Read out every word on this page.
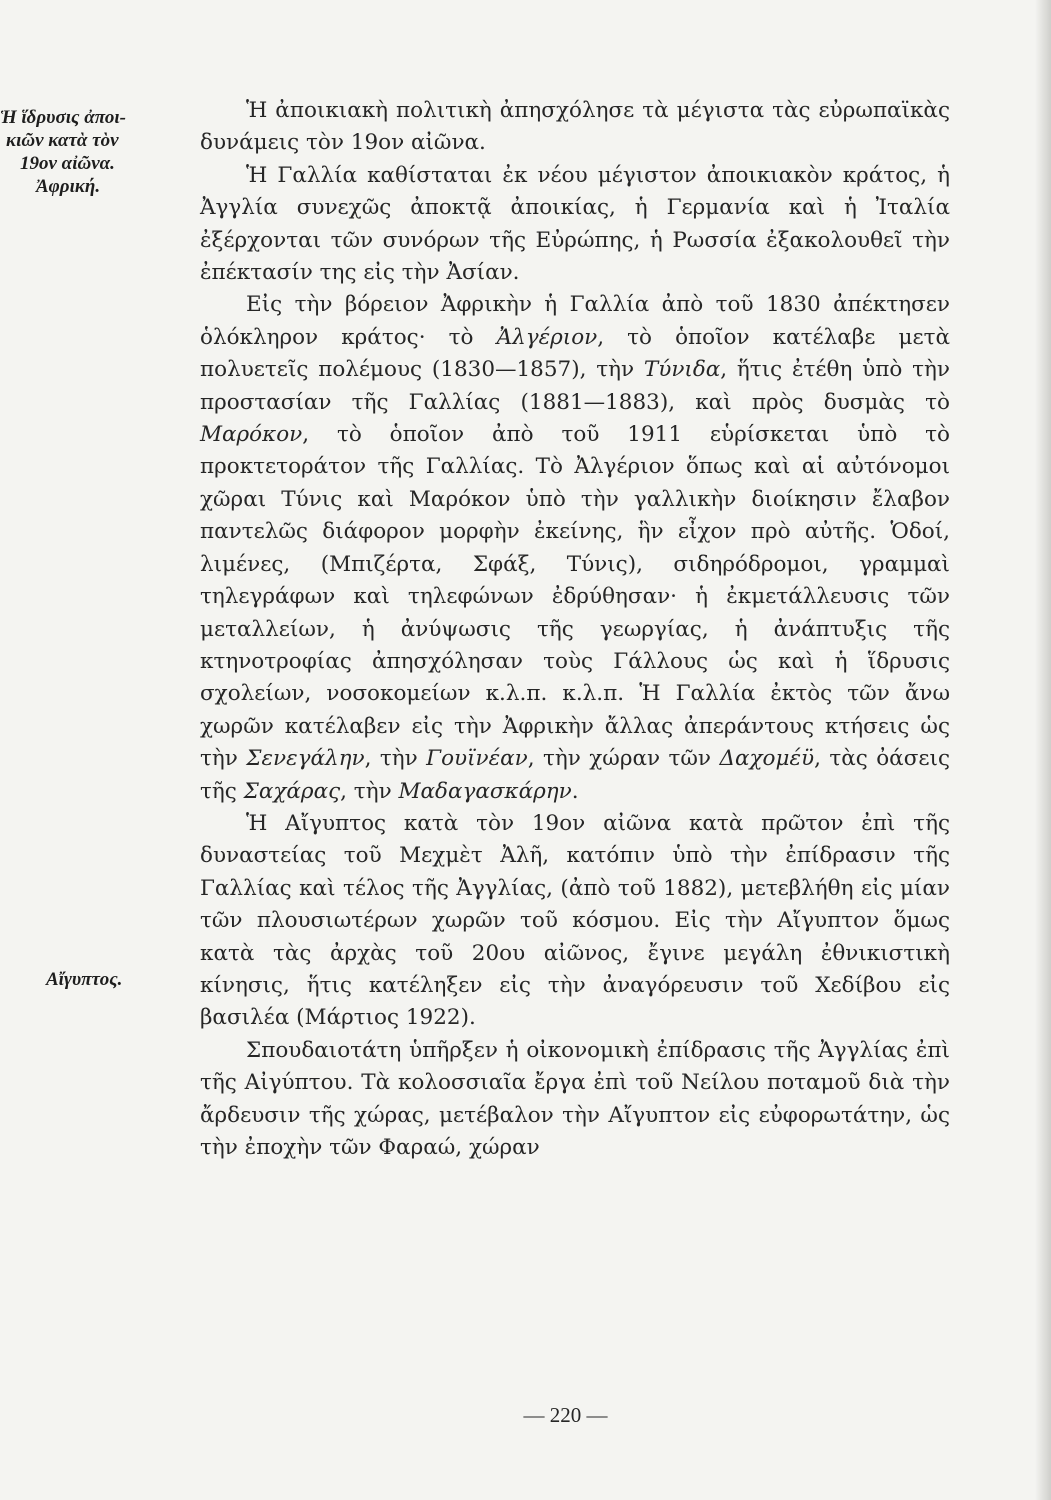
Ἡ ἵδρυσις ἀποι-
κιῶν κατὰ τὸν
19ον αἰῶνα.
Ἀφρική.
Αἴγυπτος.

Ἡ ἀποικιακὴ πολιτικὴ ἀπησχόλησε τὰ μέγιστα τὰς εὐρωπαϊκὰς δυνάμεις τὸν 19ον αἰῶνα.

Ἡ Γαλλία καθίσταται ἐκ νέου μέγιστον ἀποικιακὸν κράτος, ἡ Ἀγγλία συνεχῶς ἀποκτᾷ ἀποικίας, ἡ Γερμανία καὶ ἡ Ἰταλία ἐξέρχονται τῶν συνόρων τῆς Εὐρώπης, ἡ Ρωσσία ἐξακολουθεῖ τὴν ἐπέκτασίν της εἰς τὴν Ἀσίαν.

Εἰς τὴν βόρειον Ἀφρικὴν ἡ Γαλλία ἀπὸ τοῦ 1830 ἀπέκτησεν ὁλόκληρον κράτος· τὸ Ἀλγέριον, τὸ ὁποῖον κατέλαβε μετὰ πολυετεῖς πολέμους (1830—1857), τὴν Τύνιδα, ἥτις ἐτέθη ὑπὸ τὴν προστασίαν τῆς Γαλλίας (1881—1883), καὶ πρὸς δυσμὰς τὸ Μαρόκον, τὸ ὁποῖον ἀπὸ τοῦ 1911 εὑρίσκεται ὑπὸ τὸ προκτετοράτον τῆς Γαλλίας. Τὸ Ἀλγέριον ὅπως καὶ αἱ αὐτόνομοι χῶραι Τύνις καὶ Μαρόκον ὑπὸ τὴν γαλλικὴν διοίκησιν ἔλαβον παντελῶς διάφορον μορφὴν ἐκείνης, ἣν εἶχον πρὸ αὐτῆς. Ὁδοί, λιμένες, (Μπιζέρτα, Σφάξ, Τύνις), σιδηρόδρομοι, γραμμαὶ τηλεγράφων καὶ τηλεφώνων ἐδρύθησαν· ἡ ἐκμετάλλευσις τῶν μεταλλείων, ἡ ἀνύψωσις τῆς γεωργίας, ἡ ἀνάπτυξις τῆς κτηνοτροφίας ἀπησχόλησαν τοὺς Γάλλους ὡς καὶ ἡ ἵδρυσις σχολείων, νοσοκομείων κ.λ.π. κ.λ.π. Ἡ Γαλλία ἐκτὸς τῶν ἄνω χωρῶν κατέλαβεν εἰς τὴν Ἀφρικὴν ἄλλας ἀπεράντους κτήσεις ὡς τὴν Σενεγάλην, τὴν Γουϊνέαν, τὴν χώραν τῶν Δαχομέϋ, τὰς ὀάσεις τῆς Σαχάρας, τὴν Μαδαγασκάρην.

Ἡ Αἴγυπτος κατὰ τὸν 19ον αἰῶνα κατὰ πρῶτον ἐπὶ τῆς δυναστείας τοῦ Μεχμὲτ Ἀλῆ, κατόπιν ὑπὸ τὴν ἐπίδρασιν τῆς Γαλλίας καὶ τέλος τῆς Ἀγγλίας, (ἀπὸ τοῦ 1882), μετεβλήθη εἰς μίαν τῶν πλουσιωτέρων χωρῶν τοῦ κόσμου. Εἰς τὴν Αἴγυπτον ὅμως κατὰ τὰς ἀρχὰς τοῦ 20ου αἰῶνος, ἔγινε μεγάλη ἐθνικιστικὴ κίνησις, ἥτις κατέληξεν εἰς τὴν ἀναγόρευσιν τοῦ Χεδίβου εἰς βασιλέα (Μάρτιος 1922).

Σπουδαιοτάτη ὑπῆρξεν ἡ οἰκονομικὴ ἐπίδρασις τῆς Ἀγγλίας ἐπὶ τῆς Αἰγύπτου. Τὰ κολοσσιαῖα ἔργα ἐπὶ τοῦ Νείλου ποταμοῦ διὰ τὴν ἄρδευσιν τῆς χώρας, μετέβαλον τὴν Αἴγυπτον εἰς εὐφορωτάτην, ὡς τὴν ἐποχὴν τῶν Φαραώ, χώραν

— 220 —
